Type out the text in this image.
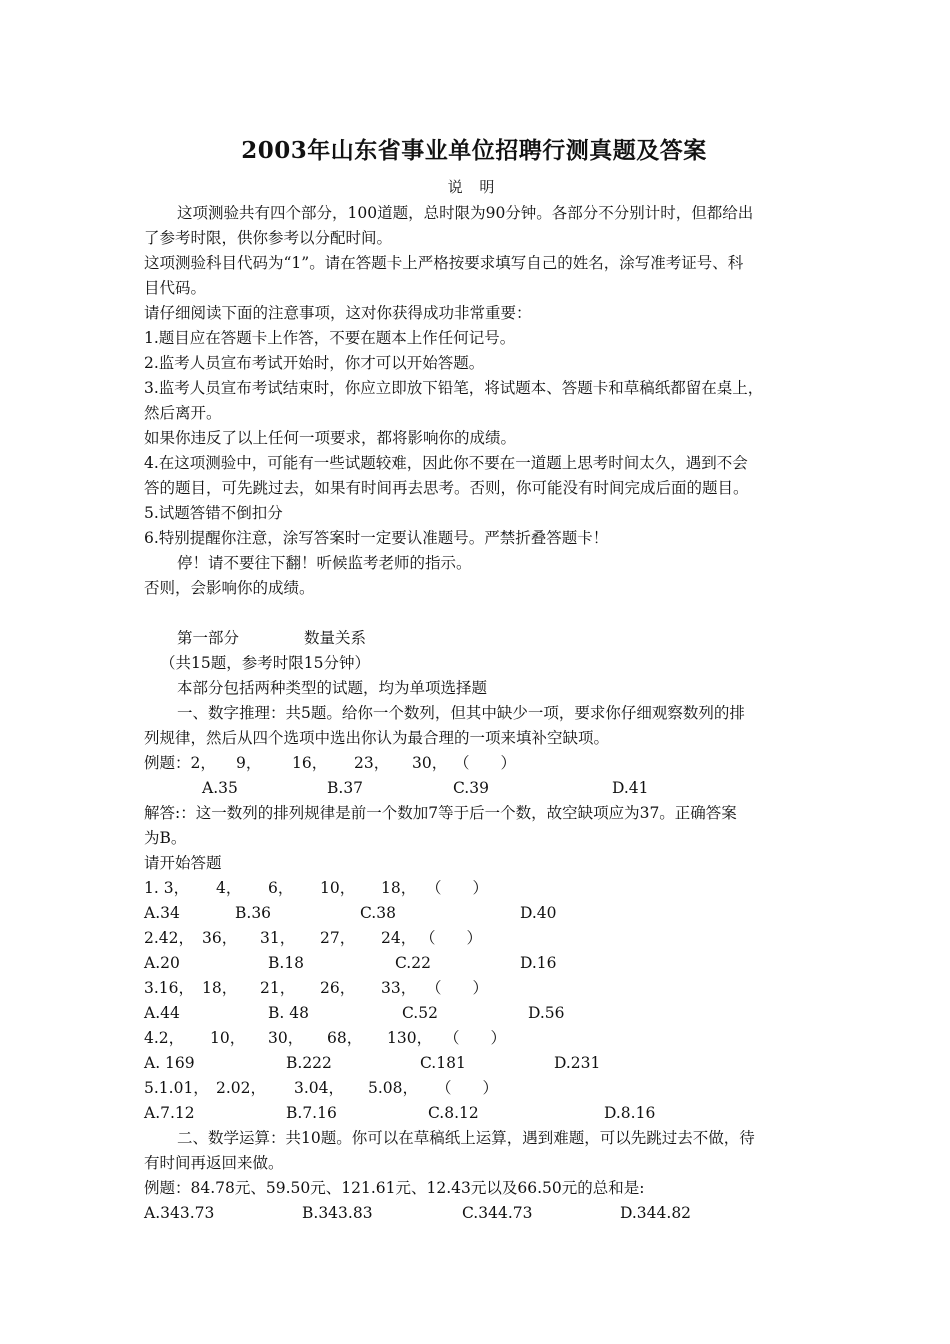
2003年山东省事业单位招聘行测真题及答案
说 明
这项测验共有四个部分，100道题，总时限为90分钟。各部分不分别计时，但都给出
了参考时限，供你参考以分配时间。
这项测验科目代码为“1”。请在答题卡上严格按要求填写自己的姓名，涂写准考证号、科
目代码。
请仔细阅读下面的注意事项，这对你获得成功非常重要：
1.题目应在答题卡上作答，不要在题本上作任何记号。
2.监考人员宣布考试开始时，你才可以开始答题。
3.监考人员宣布考试结束时，你应立即放下铅笔，将试题本、答题卡和草稿纸都留在桌上，
然后离开。
如果你违反了以上任何一项要求，都将影响你的成绩。
4.在这项测验中，可能有一些试题较难，因此你不要在一道题上思考时间太久，遇到不会
答的题目，可先跳过去，如果有时间再去思考。否则，你可能没有时间完成后面的题目。
5.试题答错不倒扣分
6.特别提醒你注意，涂写答案时一定要认准题号。严禁折叠答题卡！
停！请不要往下翻！听候监考老师的指示。
否则，会影响你的成绩。
第一部分	数量关系
（共15题，参考时限15分钟）
本部分包括两种类型的试题，均为单项选择题
一、数字推理：共5题。给你一个数列，但其中缺少一项，要求你仔细观察数列的排
列规律，然后从四个选项中选出你认为最合理的一项来填补空缺项。
例题：2， 9， 16， 23， 30， （　　）
A.35	B.37	C.39	D.41
解答:：这一数列的排列规律是前一个数加7等于后一个数，故空缺项应为37。正确答案
为B。
请开始答题
1. 3， 4， 6， 10， 18， （　　）
A.34	B.36	C.38	D.40
2.42， 36， 31， 27， 24， （　　）
A.20	B.18	C.22	D.16
3.16， 18， 21， 26， 33， （　　）
A.44	B. 48	C.52	D.56
4.2， 10， 30， 68， 130， （　　）
A. 169	B.222	C.181	D.231
5.1.01， 2.02， 3.04， 5.08， （　　）
A.7.12	B.7.16	C.8.12	D.8.16
二、数学运算：共10题。你可以在草稿纸上运算，遇到难题，可以先跳过去不做，待
有时间再返回来做。
例题：84.78元、59.50元、121.61元、12.43元以及66.50元的总和是:
A.343.73	B.343.83	C.344.73	D.344.82
